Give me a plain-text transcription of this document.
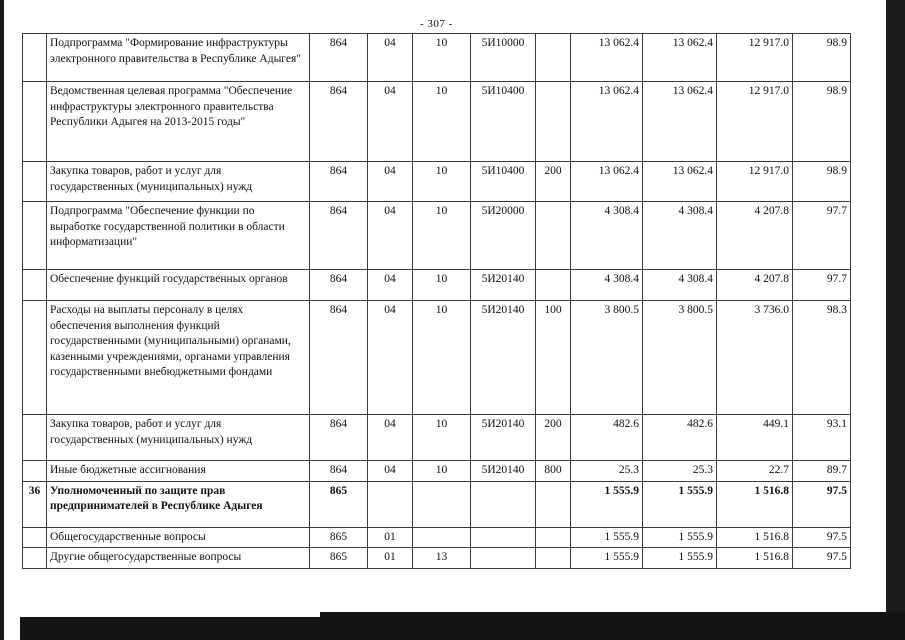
- 307 -
	Подпрограмма "Формирование инфраструктуры электронного правительства в Республике Адыгея"	864	04	10	5И10000		13 062.4	13 062.4	12 917.0	98.9
	Ведомственная целевая программа "Обеспечение инфраструктуры электронного правительства Республики Адыгея на 2013-2015 годы"	864	04	10	5И10400		13 062.4	13 062.4	12 917.0	98.9
	Закупка товаров, работ и услуг для государственных (муниципальных) нужд	864	04	10	5И10400	200	13 062.4	13 062.4	12 917.0	98.9
	Подпрограмма "Обеспечение функции по выработке государственной политики в области информатизации"	864	04	10	5И20000		4 308.4	4 308.4	4 207.8	97.7
	Обеспечение функций государственных органов	864	04	10	5И20140		4 308.4	4 308.4	4 207.8	97.7
	Расходы на выплаты персоналу в целях обеспечения выполнения функций государственными (муниципальными) органами, казенными учреждениями, органами управления государственными внебюджетными фондами	864	04	10	5И20140	100	3 800.5	3 800.5	3 736.0	98.3
	Закупка товаров, работ и услуг для государственных (муниципальных) нужд	864	04	10	5И20140	200	482.6	482.6	449.1	93.1
	Иные бюджетные ассигнования	864	04	10	5И20140	800	25.3	25.3	22.7	89.7
36	Уполномоченный по защите прав предпринимателей в Республике Адыгея	865					1 555.9	1 555.9	1 516.8	97.5
	Общегосударственные вопросы	865	01				1 555.9	1 555.9	1 516.8	97.5
	Другие общегосударственные вопросы	865	01	13			1 555.9	1 555.9	1 516.8	97.5
